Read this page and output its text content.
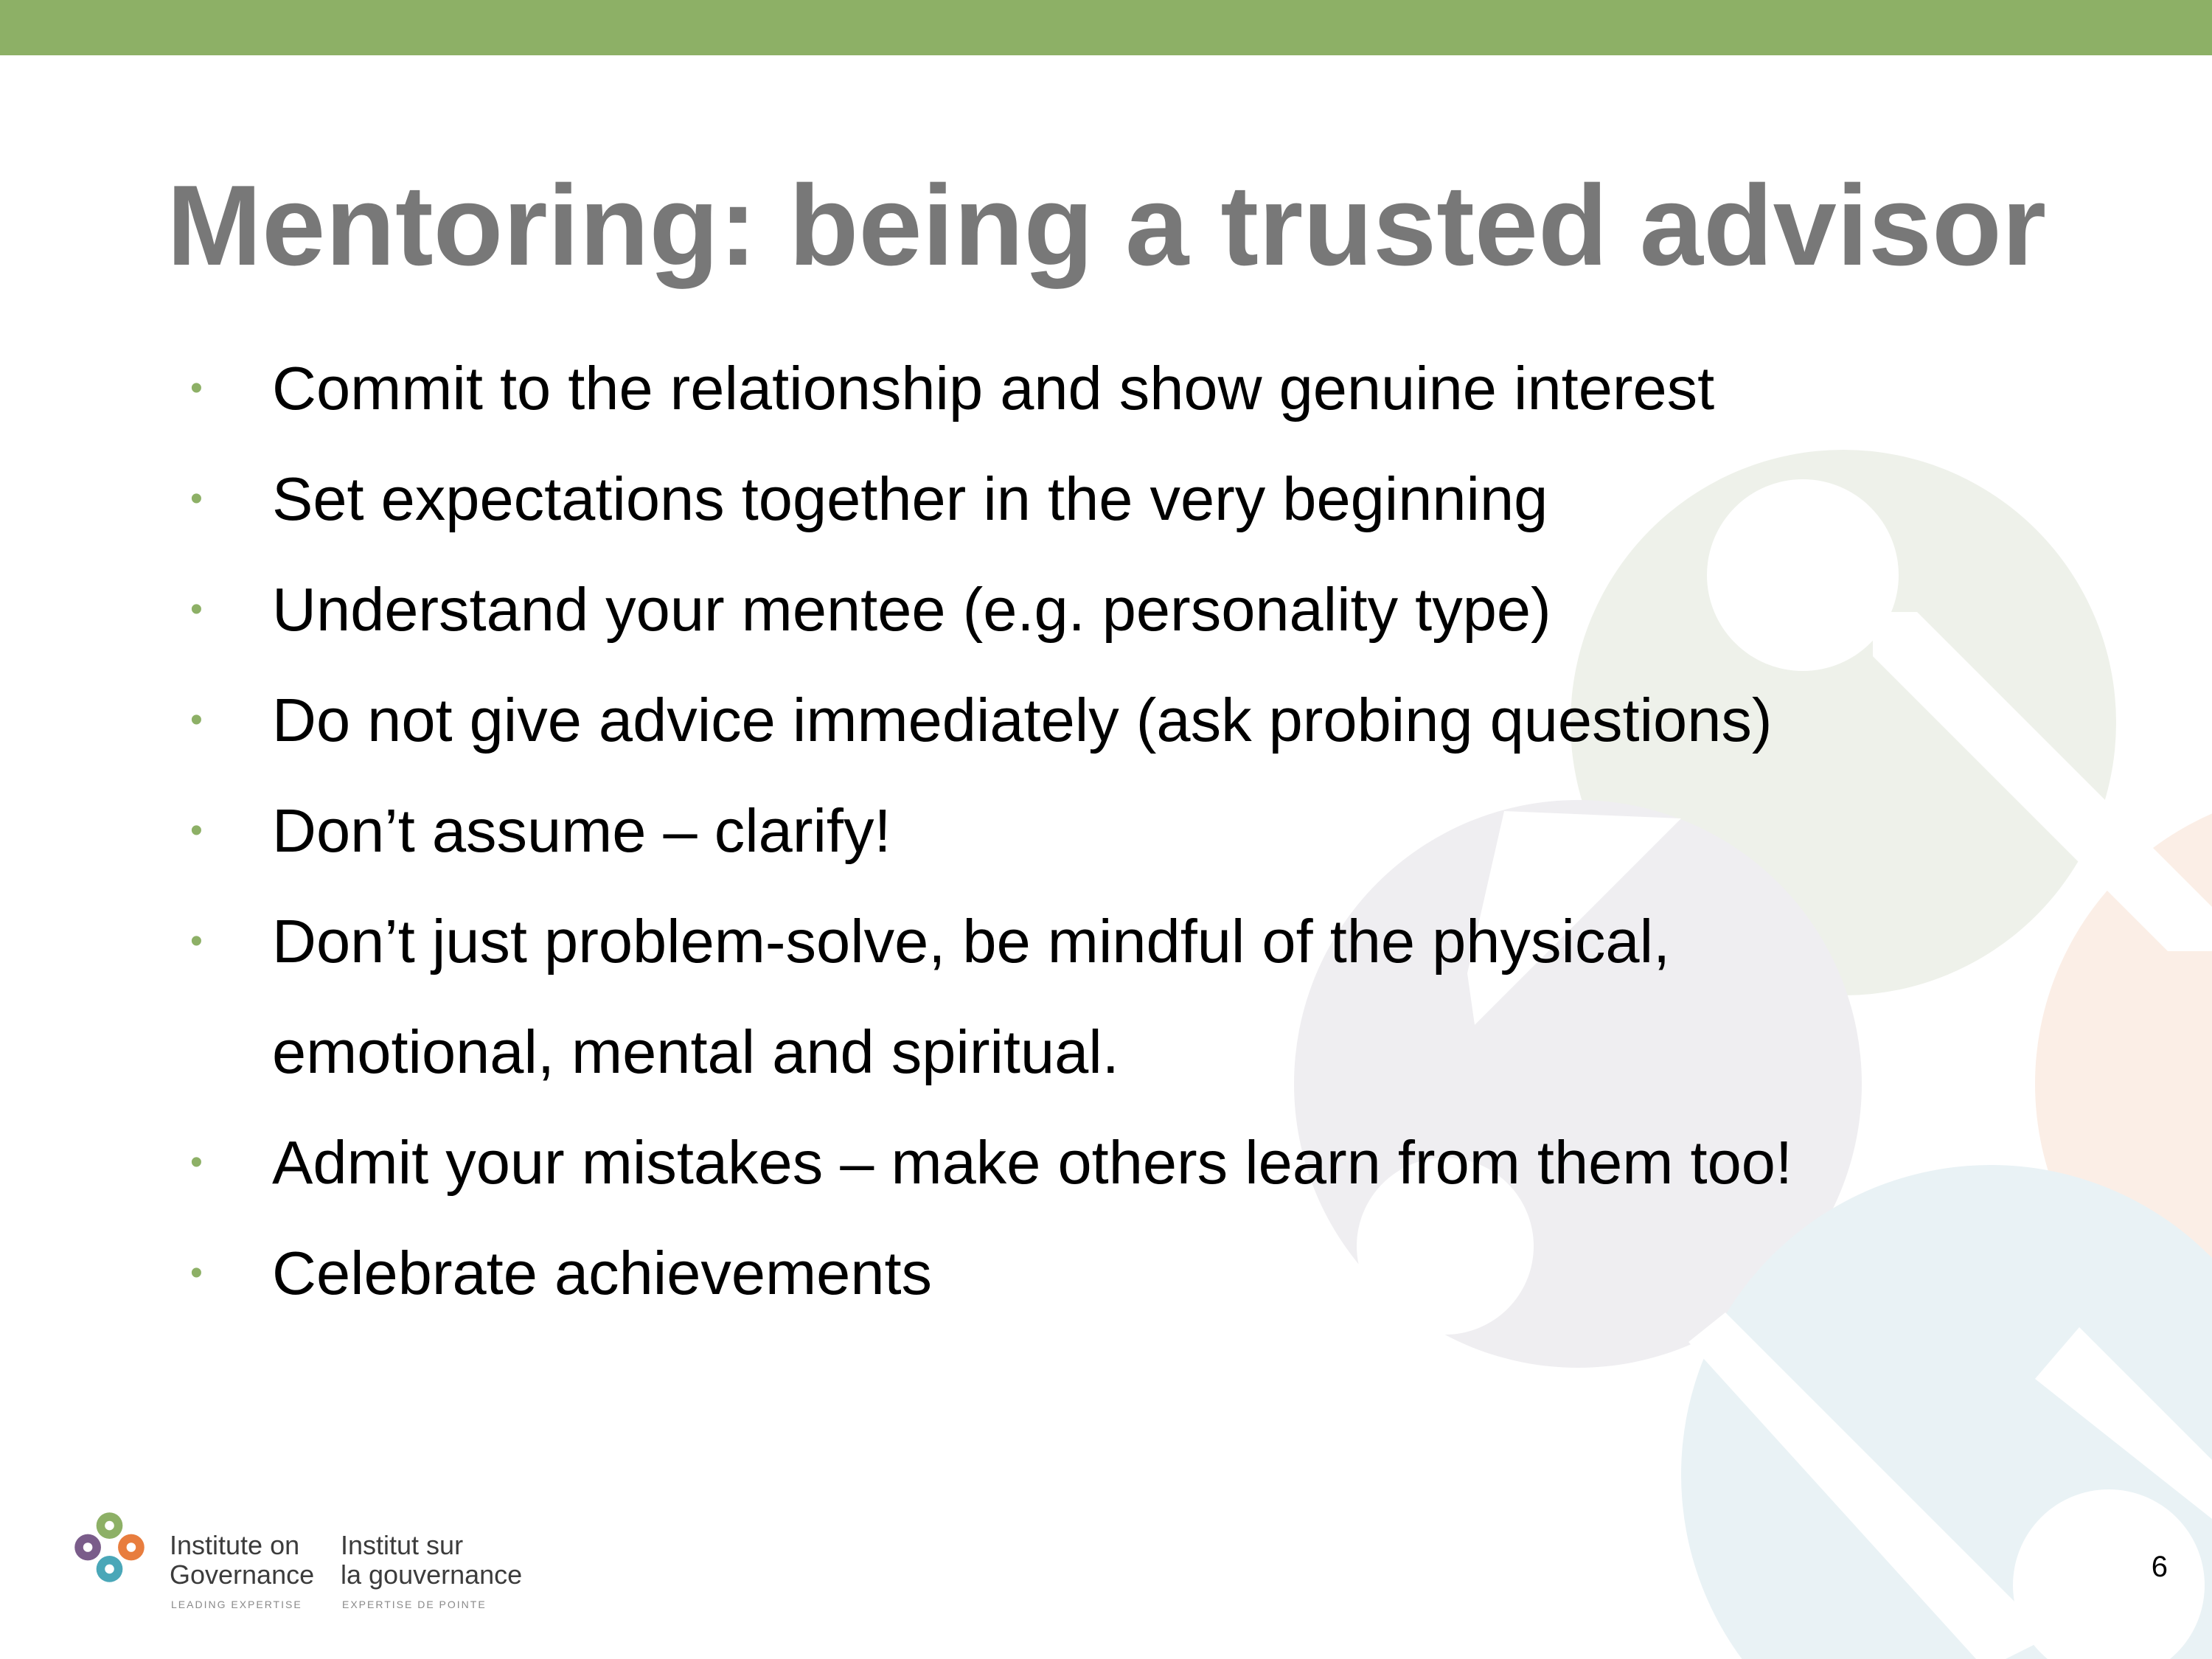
Mentoring: being a trusted advisor
• Commit to the relationship and show genuine interest
• Set expectations together in the very beginning
• Understand your mentee (e.g. personality type)
• Do not give advice immediately (ask probing questions)
• Don’t assume – clarify!
• Don’t just problem-solve, be mindful of the physical,
emotional, mental and spiritual.
• Admit your mistakes – make others learn from them too!
• Celebrate achievements
Institute on
Governance
LEADING EXPERTISE
Institut sur
la gouvernance
EXPERTISE DE POINTE
6
